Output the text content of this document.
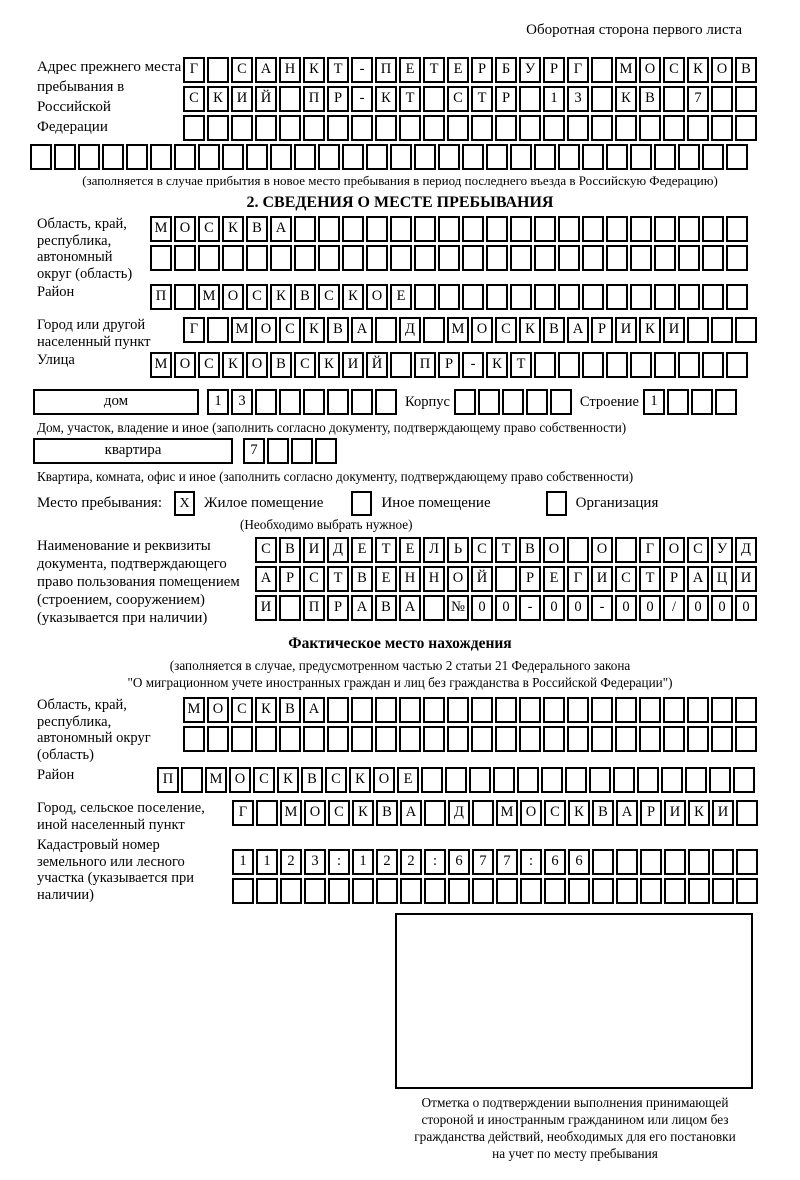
Оборотная сторона первого листа
Адрес прежнего места пребывания в Российской Федерации
Г	С А Н К Т - П Е Т Е Р Б У Р Г	М О С К О В
С К И Й	П Р - К Т	С Т Р	1 3	К В	7
(заполняется в случае прибытия в новое место пребывания в период последнего въезда в Российскую Федерацию)
2. СВЕДЕНИЯ О МЕСТЕ ПРЕБЫВАНИЯ
Область, край, республика, автономный округ (область)
М О С К В А
Район	П	М О С К В С К О Е
Город или другой населенный пункт
Г	М О С К В А	Д	М О С К В А Р И К И
Улица	М О С К О В С К И Й	П Р - К Т
дом	1 3	Корпус	Строение 1
Дом, участок, владение и иное (заполнить согласно документу, подтверждающему право собственности)
квартира	7
Квартира, комната, офис и иное (заполнить согласно документу, подтверждающему право собственности)
Место пребывания:	X Жилое помещение	Иное помещение	Организация
(Необходимо выбрать нужное)
Наименование и реквизиты документа, подтверждающего право пользования помещением (строением, сооружением) (указывается при наличии)
С В И Д Е Т Е Л Ь С Т В О	О	Г О С У Д
А Р С Т В Е Н Н О Й	Р Е Г И С Т Р А Ц И
И	П Р А В А № 0 0 - 0 0 - 0 0 / 0 0 0
Фактическое место нахождения
(заполняется в случае, предусмотренном частью 2 статьи 21 Федерального закона
"О миграционном учете иностранных граждан и лиц без гражданства в Российской Федерации")
Область, край, республика, автономный округ (область)
М О С К В А
Район	П	М О С К В С К О Е
Город, сельское поселение, иной населенный пункт
Г	М О С К В А	Д	М О С К В А Р И К И
Кадастровый номер земельного или лесного участка (указывается при наличии)
1 1 2 3 : 1 2 2 : 6 7 7 : 6 6
Отметка о подтверждении выполнения принимающей
стороной и иностранным гражданином или лицом без
гражданства действий, необходимых для его постановки
на учет по месту пребывания
